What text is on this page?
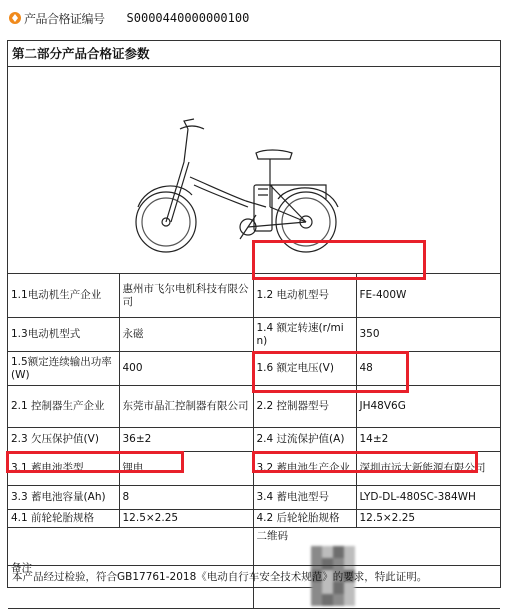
产品合格证编号 S0000440000000100
第二部分产品合格证参数
1.1电动机生产企业	惠州市飞尔电机科技有限公司	1.2 电动机型号	FE-400W
1.3电动机型式	永磁	1.4 额定转速(r/min)	350
1.5额定连续输出功率(W)	400	1.6 额定电压(V)	48
2.1 控制器生产企业	东莞市晶汇控制器有限公司	2.2 控制器型号	JH48V6G
2.3 欠压保护值(V)	36±2	2.4 过流保护值(A)	14±2
3.1 蓄电池类型	锂电	3.2 蓄电池生产企业	深圳市远大新能源有限公司
3.3 蓄电池容量(Ah)	8	3.4 蓄电池型号	LYD-DL-480SC-384WH
4.1 前轮轮胎规格	12.5×2.25	4.2 后轮轮胎规格	12.5×2.25
备注		二维码	
本产品经过检验，符合GB17761-2018《电动自行车安全技术规范》的要求，特此证明。
